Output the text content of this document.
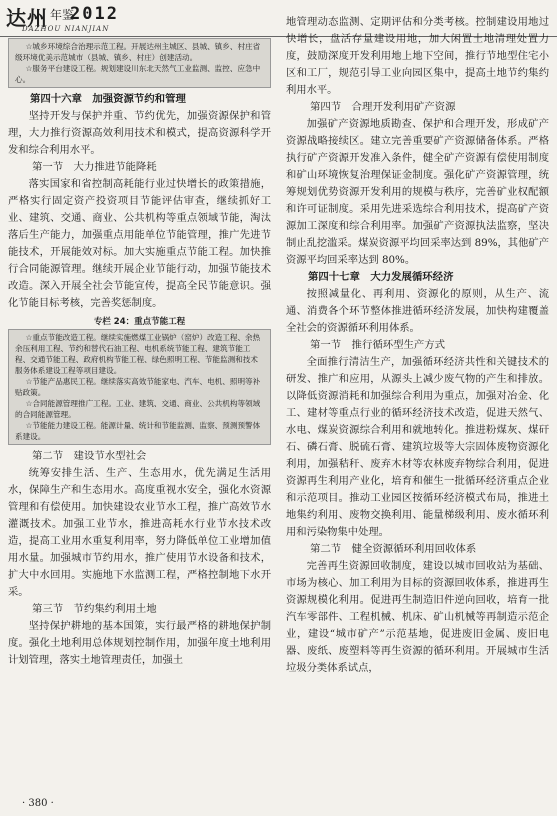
达州 年鉴
2012
DAZHOU NIANJIAN

☆城乡环境综合治理示范工程。开展达州主城区、县城、镇乡、村庄省级环境优美示范城市（县城、镇乡、村庄）创建活动。

☆服务平台建设工程。规划建设川东北天然气工业监测、监控、应急中心。

第四十六章　加强资源节约和管理

坚持开发与保护并重、节约优先，加强资源保护和管理，大力推行资源高效利用技术和模式，提高资源科学开发和综合利用水平。

第一节　大力推进节能降耗

落实国家和省控制高耗能行业过快增长的政策措施，严格实行固定资产投资项目节能评估审查，继续抓好工业、建筑、交通、商业、公共机构等重点领域节能，淘汰落后生产能力，加强重点用能单位节能管理，推广先进节能技术，开展能效对标。加大实施重点节能工程。加快推行合同能源管理。继续开展企业节能行动，加强节能技术改造。深入开展全社会节能宣传，提高全民节能意识。强化节能目标考核，完善奖惩制度。

专栏 24：重点节能工程

☆重点节能改造工程。继续实施燃煤工业锅炉（窑炉）改造工程、余热余压利用工程、节约和替代石油工程、电机系统节能工程、建筑节能工程、交通节能工程、政府机构节能工程、绿色照明工程、节能监测和技术服务体系建设工程等项目建设。

☆节能产品惠民工程。继续落实高效节能家电、汽车、电机、照明等补贴政策。

☆合同能源管理推广工程。工业、建筑、交通、商业、公共机构等领域的合同能源管理。

☆节能能力建设工程。能源计量、统计和节能监测、监察、预测预警体系建设。

第二节　建设节水型社会

统筹安排生活、生产、生态用水，优先满足生活用水，保障生产和生态用水。高度重视水安全，强化水资源管理和有偿使用。加快建设农业节水工程，推广高效节水灌溉技术。加强工业节水，推进高耗水行业节水技术改造，提高工业用水重复利用率，努力降低单位工业增加值用水量。加强城市节约用水，推广使用节水设备和技术，扩大中水回用。实施地下水监测工程，严格控制地下水开采。

第三节　节约集约利用土地

坚持保护耕地的基本国策，实行最严格的耕地保护制度。强化土地利用总体规划控制作用，加强年度土地利用计划管理，落实土地管理责任，加强土

地管理动态监测、定期评估和分类考核。控制建设用地过快增长，盘活存量建设用地，加大闲置土地清理处置力度，鼓励深度开发利用地上地下空间，推行节地型住宅小区和工厂，规范引导工业向园区集中，提高土地节约集约利用水平。

第四节　合理开发利用矿产资源

加强矿产资源地质勘查、保护和合理开发，形成矿产资源战略接续区。建立完善重要矿产资源储备体系。严格执行矿产资源开发准入条件，健全矿产资源有偿使用制度和矿山环境恢复治理保证金制度。强化矿产资源管理，统筹规划优势资源开发利用的规模与秩序，完善矿业权配额和许可证制度。采用先进采选综合利用技术，提高矿产资源加工深度和综合利用率。加强矿产资源执法监察，坚决制止乱挖滥采。煤炭资源平均回采率达到 89%，其他矿产资源平均回采率达到 80%。

第四十七章　大力发展循环经济

按照减量化、再利用、资源化的原则，从生产、流通、消费各个环节整体推进循环经济发展，加快构建覆盖全社会的资源循环利用体系。

第一节　推行循环型生产方式

全面推行清洁生产，加强循环经济共性和关键技术的研发、推广和应用，从源头上减少废气物的产生和排放。以降低资源消耗和加强综合利用为重点，加强对冶金、化工、建材等重点行业的循环经济技术改造，促进天然气、水电、煤炭资源综合利用和就地转化。推进粉煤灰、煤矸石、磷石膏、脱硫石膏、建筑垃圾等大宗固体废物资源化利用，加强秸秆、废弃木材等农林废弃物综合利用，促进资源再生利用产业化，培育和催生一批循环经济重点企业和示范项目。推动工业园区按循环经济模式布局，推进土地集约利用、废物交换利用、能量梯级利用、废水循环利用和污染物集中处理。

第二节　健全资源循环利用回收体系

完善再生资源回收制度，建设以城市回收站为基础、市场为核心、加工利用为目标的资源回收体系，推进再生资源规模化利用。促进再生制造旧件逆向回收，培育一批汽车零部件、工程机械、机床、矿山机械等再制造示范企业，建设“城市矿产”示范基地，促进废旧金属、废旧电器、废纸、废塑料等再生资源的循环利用。开展城市生活垃圾分类体系试点，

· 380 ·
